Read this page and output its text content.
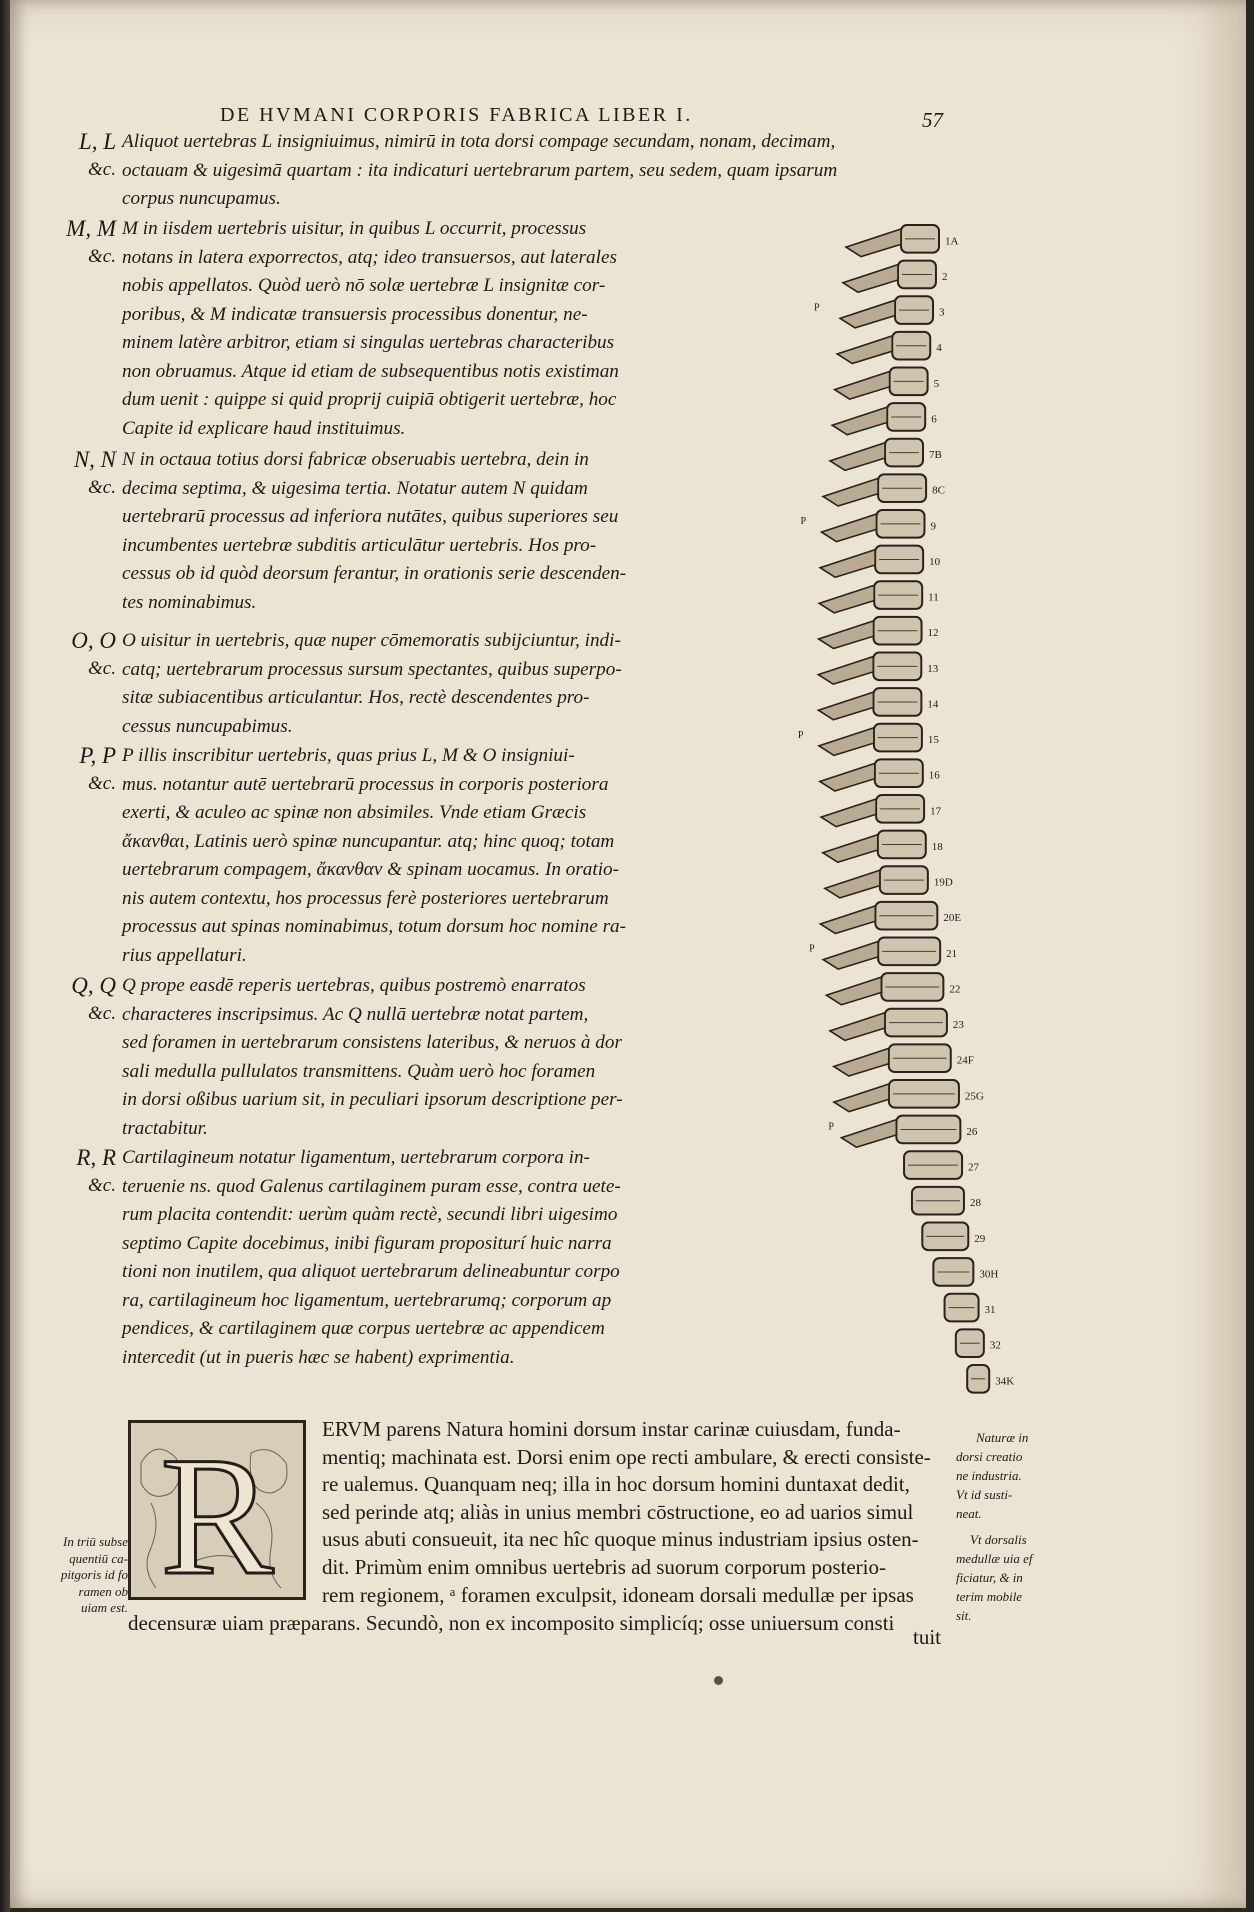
DE HVMANI CORPORIS FABRICA LIBER I.	57
L, L
&c.
Aliquot uertebras L insigniuimus, nimirū in tota dorsi compage secundam, nonam, decimam,
octauam & uigesimā quartam : ita indicaturi uertebrarum partem, seu sedem, quam ipsarum
corpus nuncupamus.
M, M
&c.
M in iisdem uertebris uisitur, in quibus L occurrit, processus
notans in latera exporrectos, atq; ideo transuersos, aut laterales
nobis appellatos. Quòd uerò nō solæ uertebræ L insignitæ cor-
poribus, & M indicatæ transuersis processibus donentur, ne-
minem latère arbitror, etiam si singulas uertebras characteribus
non obruamus. Atque id etiam de subsequentibus notis existiman
dum uenit : quippe si quid proprij cuipiā obtigerit uertebræ, hoc
Capite id explicare haud instituimus.
N, N
&c.
N in octaua totius dorsi fabricæ obseruabis uertebra, dein in
decima septima, & uigesima tertia. Notatur autem N quidam
uertebrarū processus ad inferiora nutātes, quibus superiores seu
incumbentes uertebræ subditis articulātur uertebris. Hos pro-
cessus ob id quòd deorsum ferantur, in orationis serie descenden-
tes nominabimus.
O, O
&c.
O uisitur in uertebris, quæ nuper cōmemoratis subijciuntur, indi-
catq; uertebrarum processus sursum spectantes, quibus superpo-
sitæ subiacentibus articulantur. Hos, rectè descendentes pro-
cessus nuncupabimus.
P, P
&c.
P illis inscribitur uertebris, quas prius L, M & O insigniui-
mus. notantur autē uertebrarū processus in corporis posteriora
exerti, & aculeo ac spinæ non absimiles. Vnde etiam Græcis
ἄκανθαι, Latinis uerò spinæ nuncupantur. atq; hinc quoq; totam
uertebrarum compagem, ἄκανθαν & spinam uocamus. In oratio-
nis autem contextu, hos processus ferè posteriores uertebrarum
processus aut spinas nominabimus, totum dorsum hoc nomine ra-
rius appellaturi.
Q, Q
&c.
Q prope easdē reperis uertebras, quibus postremò enarratos
characteres inscripsimus. Ac Q nullā uertebræ notat partem,
sed foramen in uertebrarum consistens lateribus, & neruos à dor
sali medulla pullulatos transmittens. Quàm uerò hoc foramen
in dorsi oßibus uarium sit, in peculiari ipsorum descriptione per-
tractabitur.
R, R
&c.
Cartilagineum notatur ligamentum, uertebrarum corpora in-
teruenie ns. quod Galenus cartilaginem puram esse, contra uete-
rum placita contendit: uerùm quàm rectè, secundi libri uigesimo
septimo Capite docebimus, inibi figuram propositurí huic narra
tioni non inutilem, qua aliquot uertebrarum delineabuntur corpo
ra, cartilagineum hoc ligamentum, uertebrarumq; corporum ap
pendices, & cartilaginem quæ corpus uertebræ ac appendicem
intercedit (ut in pueris hæc se habent) exprimentia.
1A
2
3
4
5
6
7B
8C
9
10
11
12
13
14
15
16
17
18
19D
20E
21
22
23
24F
25G
26
27
28
29
30H
31
32
34K
P
P
P
P
P
R ERVM parens Natura homini dorsum instar carinæ cuiusdam, funda-
mentiq; machinata est. Dorsi enim ope recti ambulare, & erecti consiste-
re ualemus. Quanquam neq; illa in hoc dorsum homini duntaxat dedit,
sed perinde atq; aliàs in unius membri cōstructione, eo ad uarios simul
usus abuti consueuit, ita nec hîc quoque minus industriam ipsius osten-
dit. Primùm enim omnibus uertebris ad suorum corporum posterio-
rem regionem, ᵃ foramen exculpsit, idoneam dorsali medullæ per ipsas
decensuræ uiam præparans. Secundò, non ex incomposito simplicíq; osse uniuersum consti
tuit
In triū subse
quentiū ca-
pitgoris id fo
ramen ob
uiam est.
Naturæ in
dorsi creatio
ne industria.
Vt id susti-
neat.
Vt dorsalis
medullæ uia ef
ficiatur, & in
terim mobile
sit.
